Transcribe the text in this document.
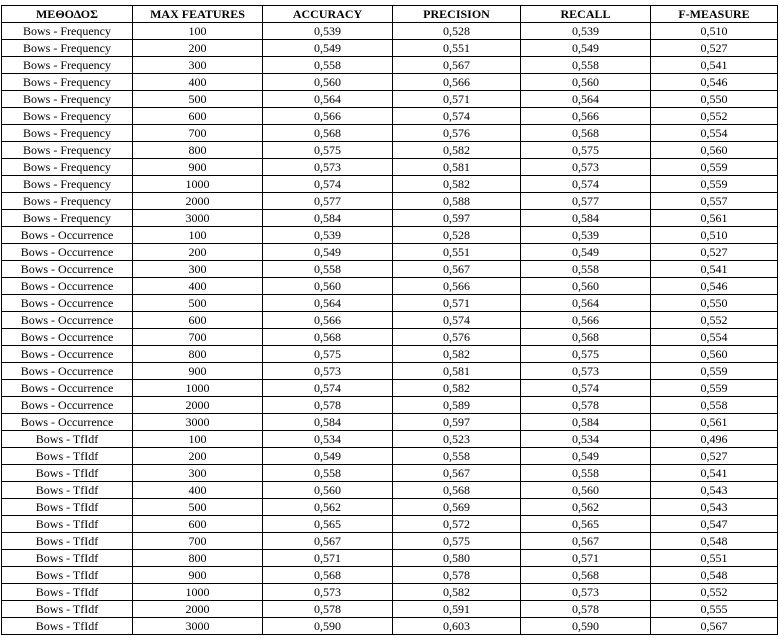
ΜΕΘΟΔΟΣ	MAX FEATURES	ACCURACY	PRECISION	RECALL	F-MEASURE
Bows - Frequency	100	0,539	0,528	0,539	0,510
Bows - Frequency	200	0,549	0,551	0,549	0,527
Bows - Frequency	300	0,558	0,567	0,558	0,541
Bows - Frequency	400	0,560	0,566	0,560	0,546
Bows - Frequency	500	0,564	0,571	0,564	0,550
Bows - Frequency	600	0,566	0,574	0,566	0,552
Bows - Frequency	700	0,568	0,576	0,568	0,554
Bows - Frequency	800	0,575	0,582	0,575	0,560
Bows - Frequency	900	0,573	0,581	0,573	0,559
Bows - Frequency	1000	0,574	0,582	0,574	0,559
Bows - Frequency	2000	0,577	0,588	0,577	0,557
Bows - Frequency	3000	0,584	0,597	0,584	0,561
Bows - Occurrence	100	0,539	0,528	0,539	0,510
Bows - Occurrence	200	0,549	0,551	0,549	0,527
Bows - Occurrence	300	0,558	0,567	0,558	0,541
Bows - Occurrence	400	0,560	0,566	0,560	0,546
Bows - Occurrence	500	0,564	0,571	0,564	0,550
Bows - Occurrence	600	0,566	0,574	0,566	0,552
Bows - Occurrence	700	0,568	0,576	0,568	0,554
Bows - Occurrence	800	0,575	0,582	0,575	0,560
Bows - Occurrence	900	0,573	0,581	0,573	0,559
Bows - Occurrence	1000	0,574	0,582	0,574	0,559
Bows - Occurrence	2000	0,578	0,589	0,578	0,558
Bows - Occurrence	3000	0,584	0,597	0,584	0,561
Bows - TfIdf	100	0,534	0,523	0,534	0,496
Bows - TfIdf	200	0,549	0,558	0,549	0,527
Bows - TfIdf	300	0,558	0,567	0,558	0,541
Bows - TfIdf	400	0,560	0,568	0,560	0,543
Bows - TfIdf	500	0,562	0,569	0,562	0,543
Bows - TfIdf	600	0,565	0,572	0,565	0,547
Bows - TfIdf	700	0,567	0,575	0,567	0,548
Bows - TfIdf	800	0,571	0,580	0,571	0,551
Bows - TfIdf	900	0,568	0,578	0,568	0,548
Bows - TfIdf	1000	0,573	0,582	0,573	0,552
Bows - TfIdf	2000	0,578	0,591	0,578	0,555
Bows - TfIdf	3000	0,590	0,603	0,590	0,567
